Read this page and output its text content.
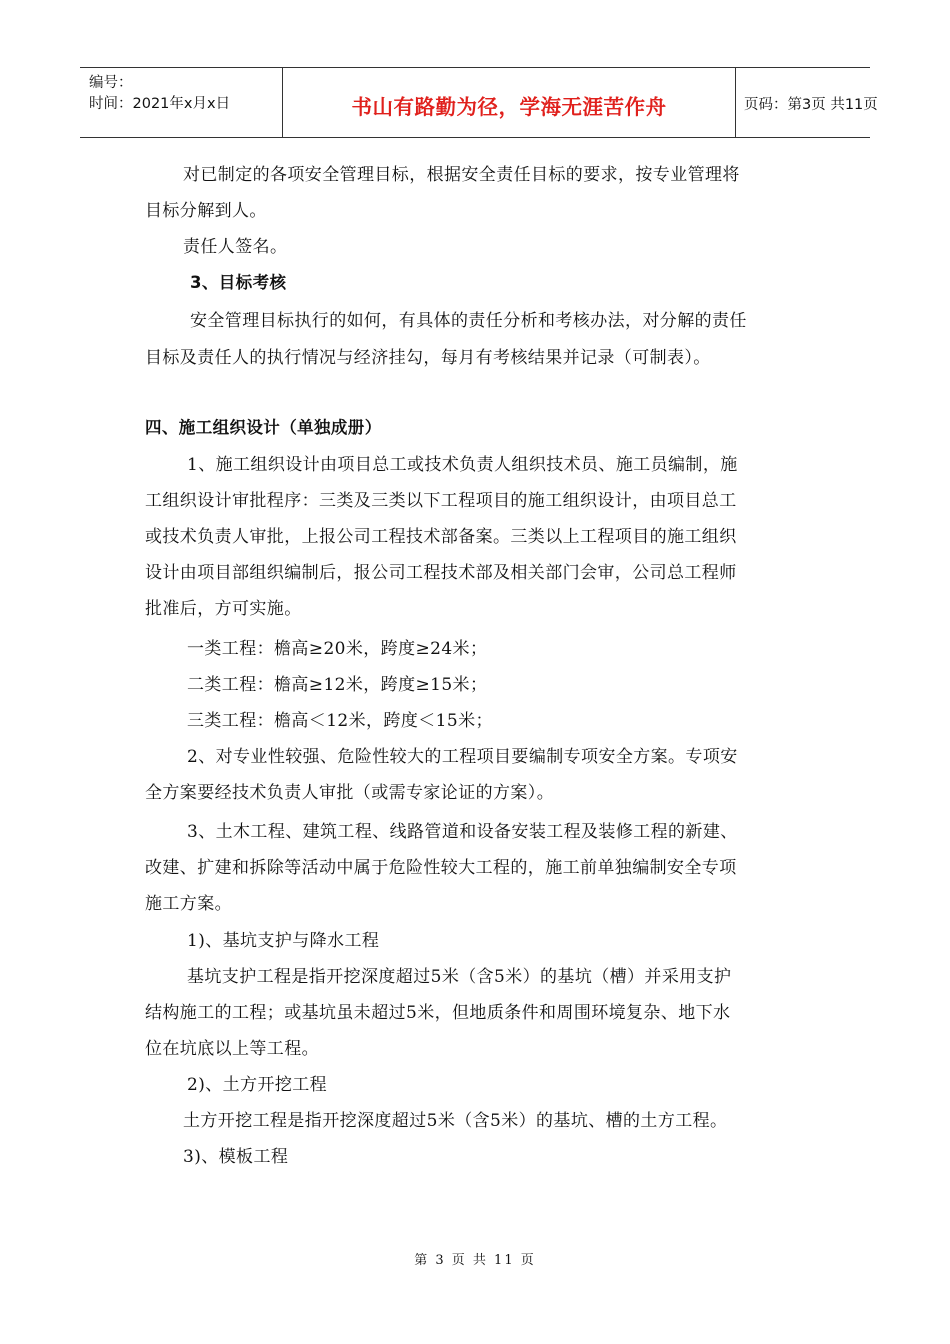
编号：
时间：2021年x月x日	书山有路勤为径，学海无涯苦作舟	页码：第3页 共11页
对已制定的各项安全管理目标，根据安全责任目标的要求，按专业管理将
目标分解到人。
责任人签名。
3、目标考核
安全管理目标执行的如何，有具体的责任分析和考核办法，对分解的责任
目标及责任人的执行情况与经济挂勾，每月有考核结果并记录（可制表）。
四、施工组织设计（单独成册）
1、施工组织设计由项目总工或技术负责人组织技术员、施工员编制，施
工组织设计审批程序：三类及三类以下工程项目的施工组织设计，由项目总工
或技术负责人审批，上报公司工程技术部备案。三类以上工程项目的施工组织
设计由项目部组织编制后，报公司工程技术部及相关部门会审，公司总工程师
批准后，方可实施。
一类工程：檐高≥20米，跨度≥24米；
二类工程：檐高≥12米，跨度≥15米；
三类工程：檐高＜12米，跨度＜15米；
2、对专业性较强、危险性较大的工程项目要编制专项安全方案。专项安
全方案要经技术负责人审批（或需专家论证的方案）。
3、土木工程、建筑工程、线路管道和设备安装工程及装修工程的新建、
改建、扩建和拆除等活动中属于危险性较大工程的，施工前单独编制安全专项
施工方案。
1)、基坑支护与降水工程
基坑支护工程是指开挖深度超过5米（含5米）的基坑（槽）并采用支护
结构施工的工程；或基坑虽未超过5米，但地质条件和周围环境复杂、地下水
位在坑底以上等工程。
2)、土方开挖工程
土方开挖工程是指开挖深度超过5米（含5米）的基坑、槽的土方工程。
3)、模板工程
第 3 页 共 11 页
